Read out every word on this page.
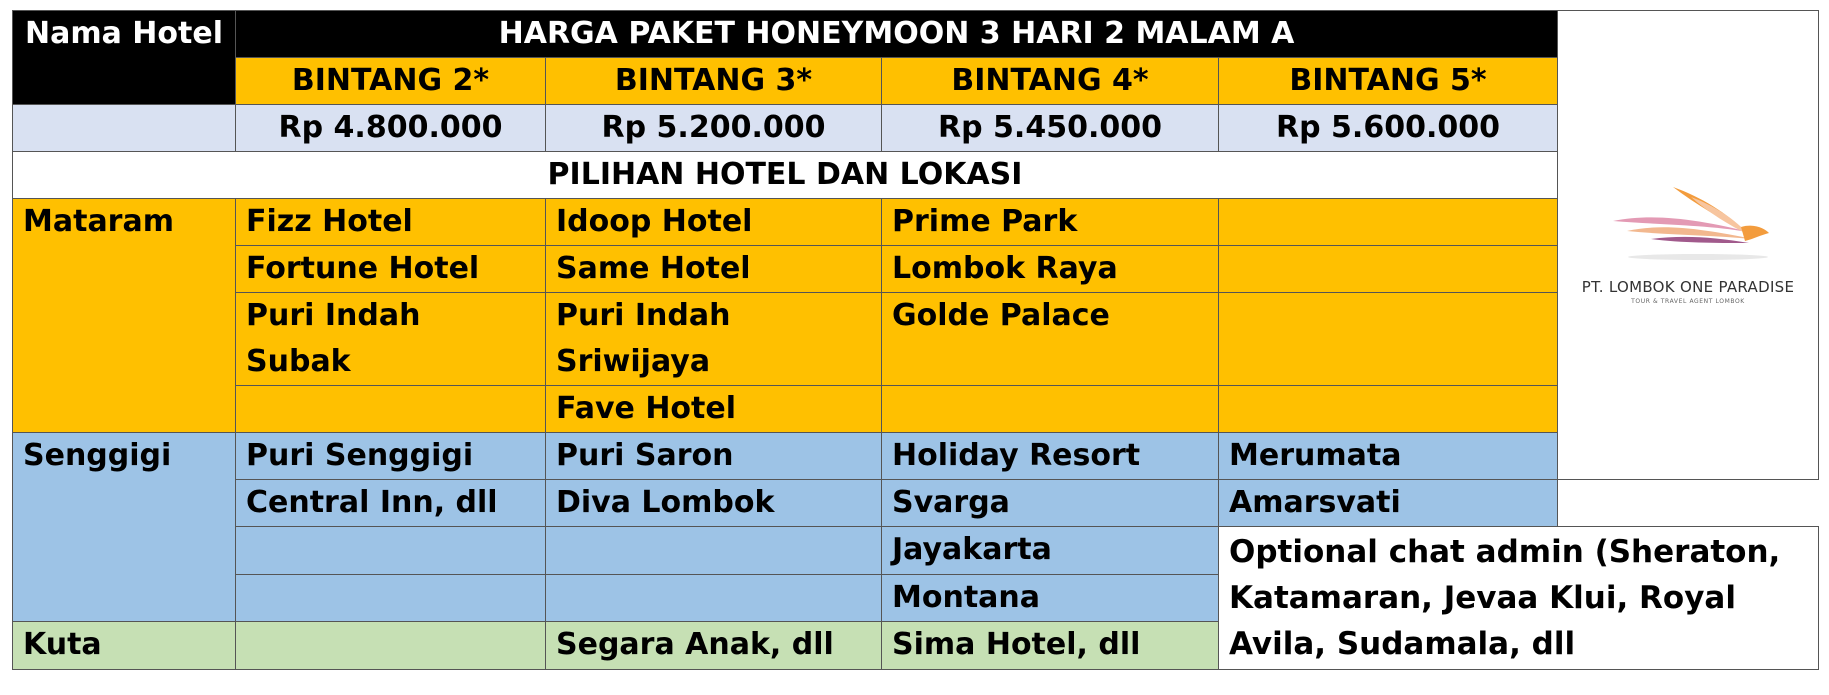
Nama Hotel	HARGA PAKET HONEYMOON 3 HARI 2 MALAM A				PT. LOMBOK ONE PARADISE
TOUR & TRAVEL AGENT LOMBOK

	BINTANG 2*	BINTANG 3*	BINTANG 4*	BINTANG 5*	
	Rp 4.800.000	Rp 5.200.000	Rp 5.450.000	Rp 5.600.000	
PILIHAN HOTEL DAN LOKASI					
Mataram	Fizz Hotel	Idoop Hotel	Prime Park		
	Fortune Hotel	Same Hotel	Lombok Raya		
	Puri Indah Subak	Puri Indah Sriwijaya	Golde Palace		

		Fave Hotel			
Senggigi	Puri Senggigi	Puri Saron	Holiday Resort	Merumata	
	Central Inn, dll	Diva Lombok	Svarga	Amarsvati	
			Jayakarta	Optional chat admin (Sheraton, Katamaran, Jevaa Klui, Royal Avila, Sudamala, dll	
			Montana		
Kuta		Segara Anak, dll	Sima Hotel, dll		
